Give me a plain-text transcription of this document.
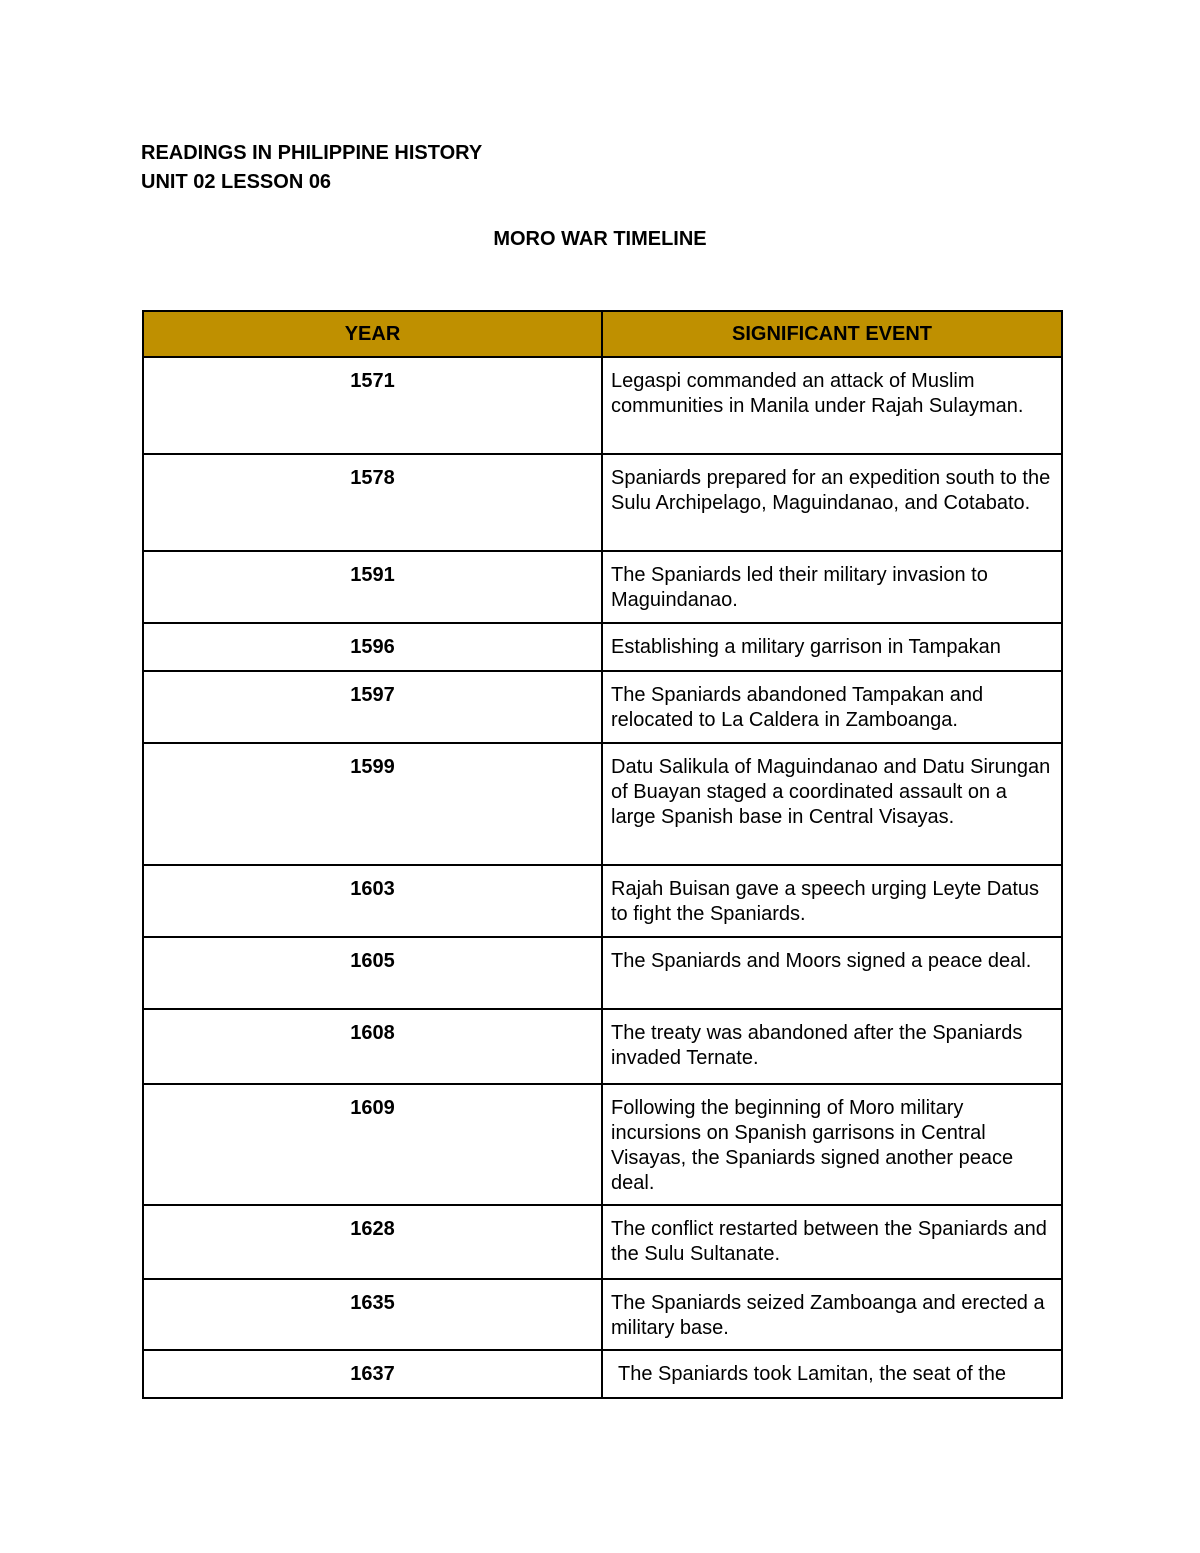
READINGS IN PHILIPPINE HISTORY
UNIT 02 LESSON 06
MORO WAR TIMELINE
YEAR	SIGNIFICANT EVENT
1571	Legaspi commanded an attack of Muslim communities in Manila under Rajah Sulayman.
1578	Spaniards prepared for an expedition south to the Sulu Archipelago, Maguindanao, and Cotabato.
1591	The Spaniards led their military invasion to Maguindanao.
1596	Establishing a military garrison in Tampakan
1597	The Spaniards abandoned Tampakan and relocated to La Caldera in Zamboanga.
1599	Datu Salikula of Maguindanao and Datu Sirungan of Buayan staged a coordinated assault on a large Spanish base in Central Visayas.
1603	Rajah Buisan gave a speech urging Leyte Datus to fight the Spaniards.
1605	The Spaniards and Moors signed a peace deal.
1608	The treaty was abandoned after the Spaniards invaded Ternate.
1609	Following the beginning of Moro military incursions on Spanish garrisons in Central Visayas, the Spaniards signed another peace deal.
1628	The conflict restarted between the Spaniards and the Sulu Sultanate.
1635	The Spaniards seized Zamboanga and erected a military base.
1637	The Spaniards took Lamitan, the seat of the
